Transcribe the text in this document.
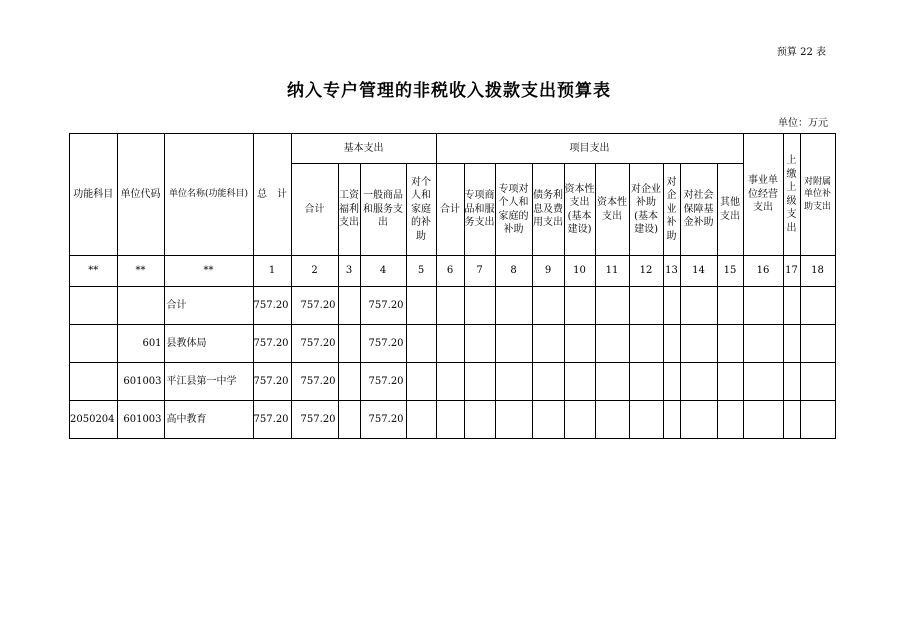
预算 22 表
纳入专户管理的非税收入拨款支出预算表
单位：万元
功能科目	单位代码	单位名称(功能科目)	总　计	基本支出				项目支出										事业单位经营支出	上缴上级支出	对附属单位补助支出
				合计	工资福利支出	一般商品和服务支出	对个人和家庭的补助	合计	专项商品和服务支出	专项对个人和家庭的补助	债务利息及费用支出	资本性支出(基本建设)	资本性支出	对企业补助(基本建设)	对企业补助	对社会保障基金补助	其他支出			
**	**	**	1	2	3	4	5	6	7	8	9	10	11	12	13	14	15	16	17	18
		合计	757.20	757.20		757.20														
	601	县教体局	757.20	757.20		757.20														
	601003	平江县第一中学	757.20	757.20		757.20														
2050204	601003	高中教育	757.20	757.20		757.20														
